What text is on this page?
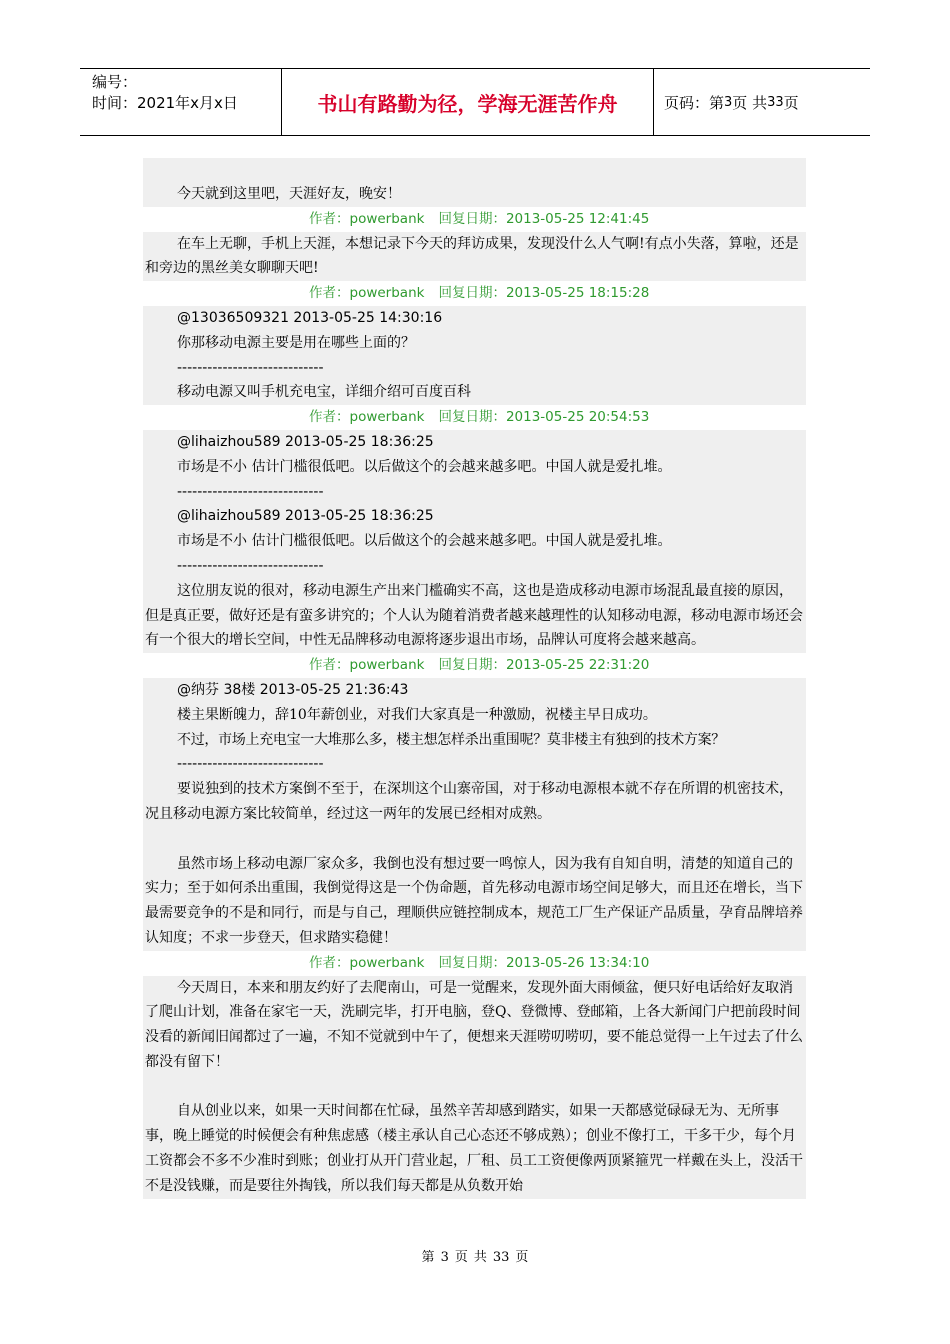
编号：
时间：2021年x月x日	书山有路勤为径，学海无涯苦作舟	页码：第 3 页 共 33 页

今天就到这里吧，天涯好友，晚安！

作者：powerbank 回复日期：2013-05-25 12:41:45

在车上无聊，手机上天涯，本想记录下今天的拜访成果，发现没什么人气啊!有点小失落，算啦，还是和旁边的黑丝美女聊聊天吧!

作者：powerbank 回复日期：2013-05-25 18:15:28

@13036509321 2013-05-25 14:30:16

你那移动电源主要是用在哪些上面的？

-----------------------------

移动电源又叫手机充电宝，详细介绍可百度百科

作者：powerbank 回复日期：2013-05-25 20:54:53

@lihaizhou589 2013-05-25 18:36:25

市场是不小 估计门槛很低吧。以后做这个的会越来越多吧。中国人就是爱扎堆。

-----------------------------

@lihaizhou589 2013-05-25 18:36:25

市场是不小 估计门槛很低吧。以后做这个的会越来越多吧。中国人就是爱扎堆。

-----------------------------

这位朋友说的很对，移动电源生产出来门槛确实不高，这也是造成移动电源市场混乱最直接的原因，但是真正要，做好还是有蛮多讲究的；个人认为随着消费者越来越理性的认知移动电源，移动电源市场还会有一个很大的增长空间，中性无品牌移动电源将逐步退出市场，品牌认可度将会越来越高。

作者：powerbank 回复日期：2013-05-25 22:31:20

@纳芬 38楼 2013-05-25 21:36:43

楼主果断魄力，辞10年薪创业，对我们大家真是一种激励，祝楼主早日成功。

不过，市场上充电宝一大堆那么多，楼主想怎样杀出重围呢？莫非楼主有独到的技术方案？

-----------------------------

要说独到的技术方案倒不至于，在深圳这个山寨帝国，对于移动电源根本就不存在所谓的机密技术，况且移动电源方案比较简单，经过这一两年的发展已经相对成熟。

虽然市场上移动电源厂家众多，我倒也没有想过要一鸣惊人，因为我有自知自明，清楚的知道自己的实力；至于如何杀出重围，我倒觉得这是一个伪命题，首先移动电源市场空间足够大，而且还在增长，当下最需要竞争的不是和同行，而是与自己，理顺供应链控制成本，规范工厂生产保证产品质量，孕育品牌培养认知度；不求一步登天，但求踏实稳健！

作者：powerbank 回复日期：2013-05-26 13:34:10

今天周日，本来和朋友约好了去爬南山，可是一觉醒来，发现外面大雨倾盆，便只好电话给好友取消了爬山计划，准备在家宅一天，洗刷完毕，打开电脑，登Q、登微博、登邮箱，上各大新闻门户把前段时间没看的新闻旧闻都过了一遍，不知不觉就到中午了，便想来天涯唠叨唠叨，要不能总觉得一上午过去了什么都没有留下！

自从创业以来，如果一天时间都在忙碌，虽然辛苦却感到踏实，如果一天都感觉碌碌无为、无所事事，晚上睡觉的时候便会有种焦虑感（楼主承认自己心态还不够成熟）；创业不像打工，干多干少，每个月工资都会不多不少准时到账；创业打从开门营业起，厂租、员工工资便像两顶紧箍咒一样戴在头上，没活干不是没钱赚，而是要往外掏钱，所以我们每天都是从负数开始

第 3 页 共 33 页
